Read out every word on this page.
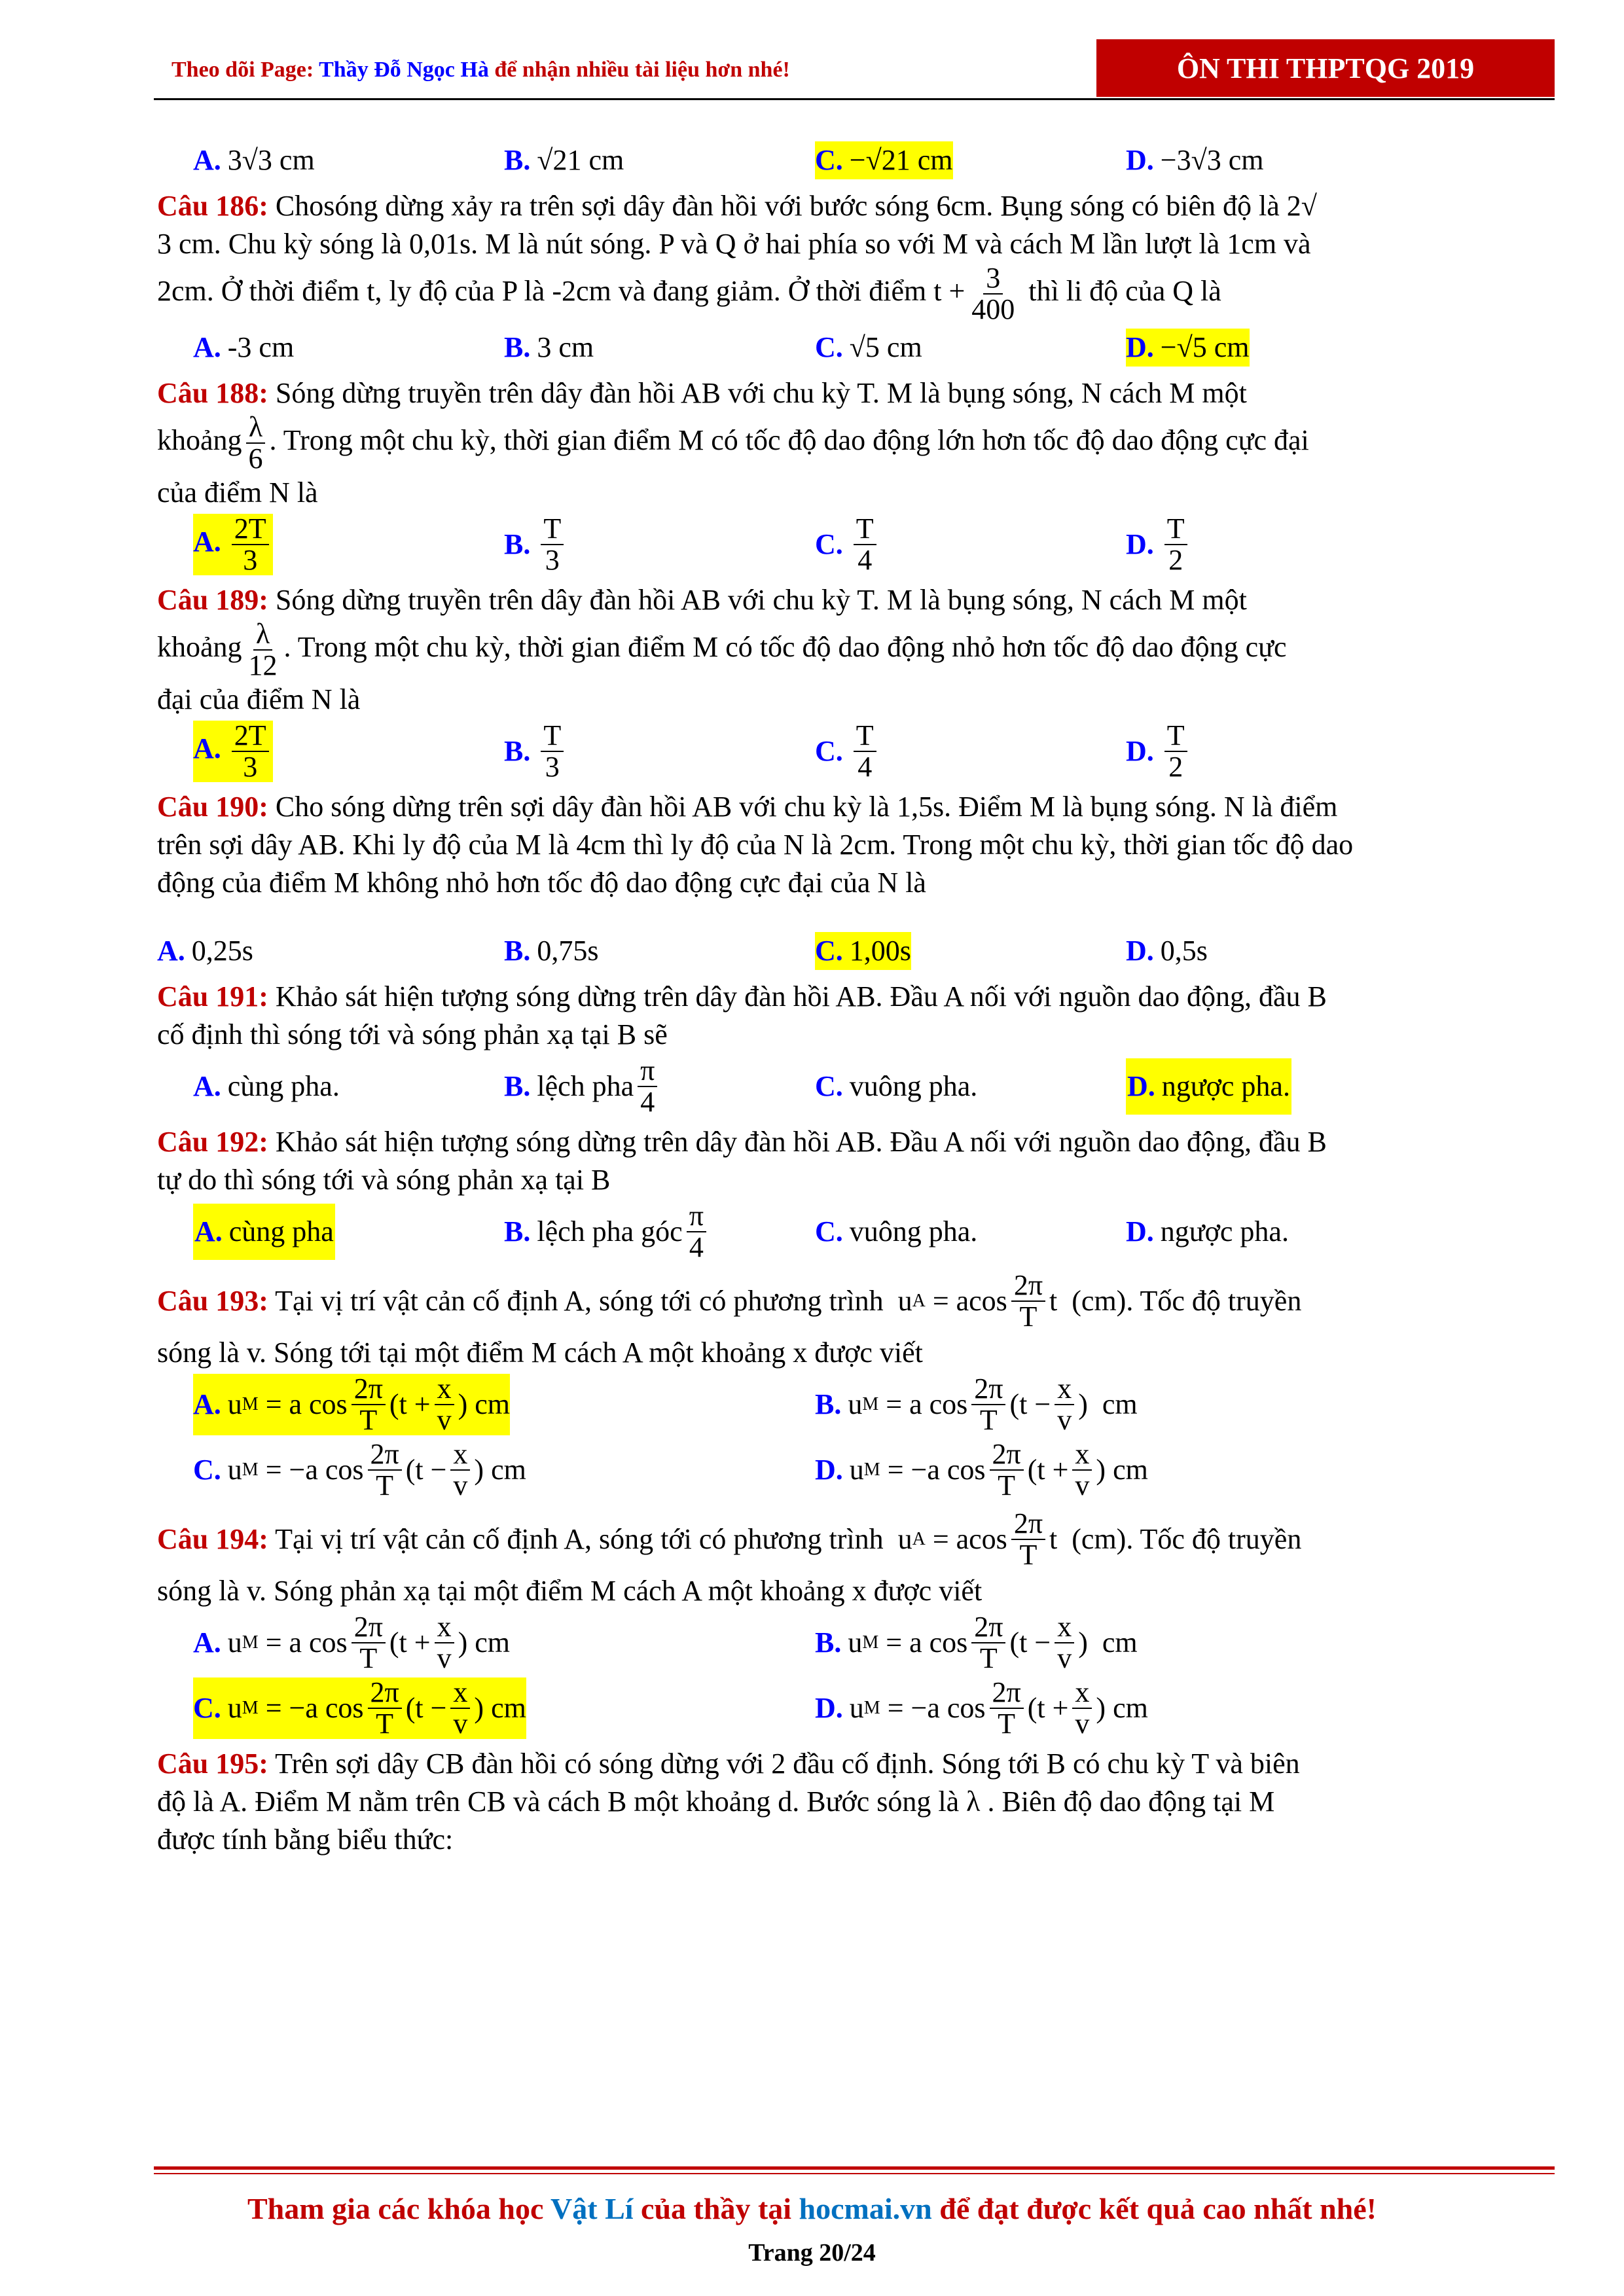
Theo dõi Page: Thầy Đỗ Ngọc Hà để nhận nhiều tài liệu hơn nhé!	ÔN THI THPTQG 2019
A. 3√3 cm	B. √21 cm	C. −√21 cm	D. −3√3 cm
Câu 186: Chosóng dừng xảy ra trên sợi dây đàn hồi với bước sóng 6cm. Bụng sóng có biên độ là 2√
3 cm. Chu kỳ sóng là 0,01s. M là nút sóng. P và Q ở hai phía so với M và cách M lần lượt là 1cm và
2cm. Ở thời điểm t, ly độ của P là -2cm và đang giảm. Ở thời điểm $t + \frac{3}{400}$ thì li độ của Q là
A. -3 cm	B. 3 cm	C. √5 cm	D. −√5 cm
Câu 188: Sóng dừng truyền trên dây đàn hồi AB với chu kỳ T. M là bụng sóng, N cách M một
khoảng $\frac{\lambda}{6}$ . Trong một chu kỳ, thời gian điểm M có tốc độ dao động lớn hơn tốc độ dao động cực đại
của điểm N là
A. $\frac{2T}{3}$	B. $\frac{T}{3}$	C. $\frac{T}{4}$	D. $\frac{T}{2}$
Câu 189: Sóng dừng truyền trên dây đàn hồi AB với chu kỳ T. M là bụng sóng, N cách M một
khoảng $\frac{\lambda}{12}$ . Trong một chu kỳ, thời gian điểm M có tốc độ dao động nhỏ hơn tốc độ dao động cực
đại của điểm N là
A. $\frac{2T}{3}$	B. $\frac{T}{3}$	C. $\frac{T}{4}$	D. $\frac{T}{2}$
Câu 190: Cho sóng dừng trên sợi dây đàn hồi AB với chu kỳ là 1,5s. Điểm M là bụng sóng. N là điểm
trên sợi dây AB. Khi ly độ của M là 4cm thì ly độ của N là 2cm. Trong một chu kỳ, thời gian tốc độ dao
động của điểm M không nhỏ hơn tốc độ dao động cực đại của N là
A. 0,25s	B. 0,75s	C. 1,00s	D. 0,5s
Câu 191: Khảo sát hiện tượng sóng dừng trên dây đàn hồi AB. Đầu A nối với nguồn dao động, đầu B
cố định thì sóng tới và sóng phản xạ tại B sẽ
A. cùng pha.	B. lệch pha $\frac{\pi}{4}$	C. vuông pha.	D. ngược pha.
Câu 192: Khảo sát hiện tượng sóng dừng trên dây đàn hồi AB. Đầu A nối với nguồn dao động, đầu B
tự do thì sóng tới và sóng phản xạ tại B
A. cùng pha	B. lệch pha góc $\frac{\pi}{4}$	C. vuông pha.	D. ngược pha.
Câu 193: Tại vị trí vật cản cố định A, sóng tới có phương trình  u A = acos $\frac{2\pi}{T}$ t  (cm). Tốc độ truyền
sóng là v. Sóng tới tại một điểm M cách A một khoảng x được viết
A. u M = a $\cos \frac{2\pi}{T} (t + \frac{x}{v}$ ) cm	B. u M = a $\cos \frac{2\pi}{T} (t - \frac{x}{v}$ )  cm
C. u M = −a $\cos \frac{2\pi}{T} (t - \frac{x}{v}$ ) cm	D. u M = −a $\cos \frac{2\pi}{T} (t + \frac{x}{v}$ ) cm
Câu 194: Tại vị trí vật cản cố định A, sóng tới có phương trình  u A = acos $\frac{2\pi}{T}$ t  (cm). Tốc độ truyền
sóng là v. Sóng phản xạ tại một điểm M cách A một khoảng x được viết
A. u M = a $\cos \frac{2\pi}{T} (t + \frac{x}{v}$ ) cm	B. u M = a $\cos \frac{2\pi}{T} (t - \frac{x}{v}$ )  cm
C. u M = −a $\cos \frac{2\pi}{T} (t - \frac{x}{v}$ ) cm	D. u M = −a $\cos \frac{2\pi}{T} (t + \frac{x}{v}$ ) cm
Câu 195: Trên sợi dây CB đàn hồi có sóng dừng với 2 đầu cố định. Sóng tới B có chu kỳ T và biên
độ là A. Điểm M nằm trên CB và cách B một khoảng d. Bước sóng là λ . Biên độ dao động tại M
được tính bằng biểu thức:
Tham gia các khóa học Vật Lí của thầy tại hocmai.vn để đạt được kết quả cao nhất nhé!
Trang 20/24
